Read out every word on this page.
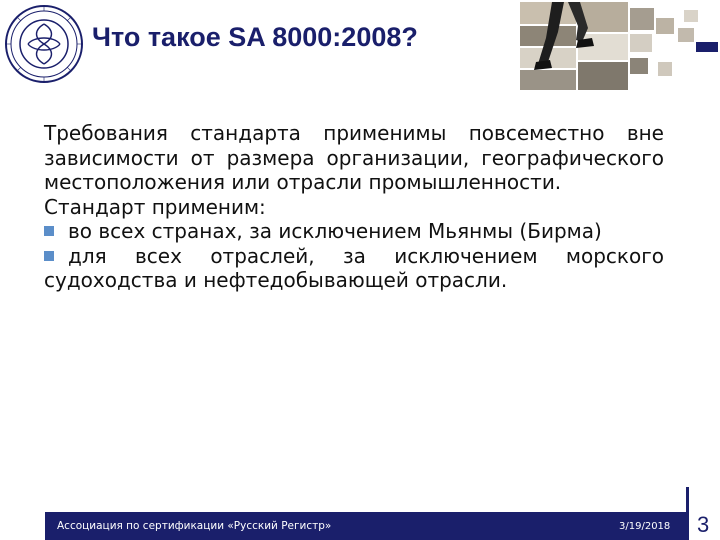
Что такое SA 8000:2008?

Требования стандарта применимы повсеместно вне зависимости от размера организации, географического местоположения или отрасли промышленности.

Стандарт применим:

во всех странах, за исключением Мьянмы (Бирма)

для всех отраслей, за исключением морского судоходства и нефтедобывающей отрасли.

Ассоциация по сертификации «Русский Регистр»	3/19/2018 3
